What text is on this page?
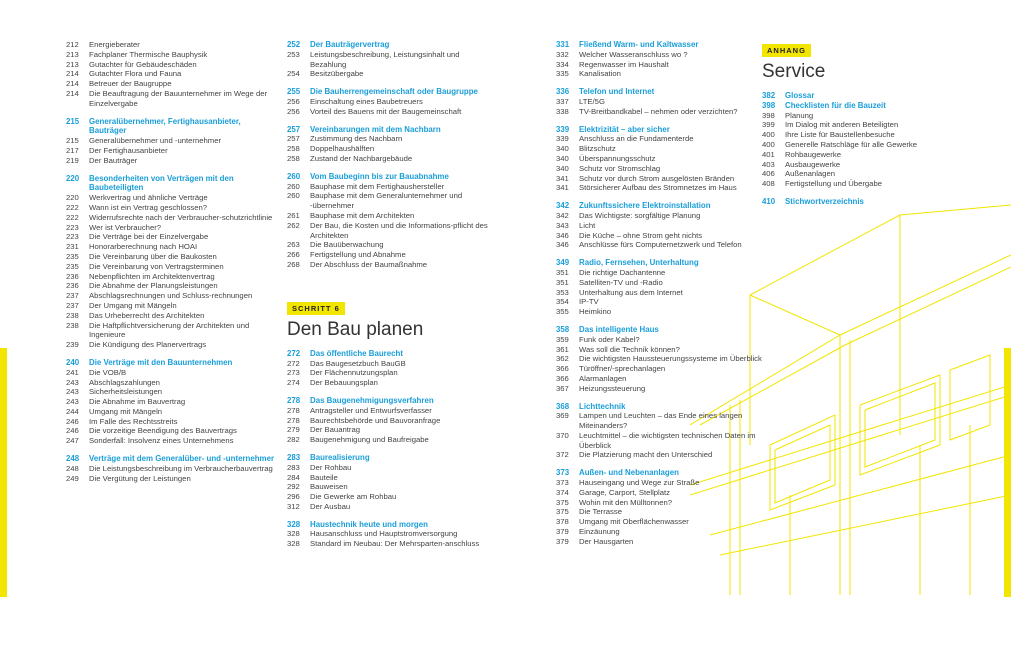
212	Energieberater
213	Fachplaner Thermische Bauphysik
213	Gutachter für Gebäudeschäden
214	Gutachter Flora und Fauna
214	Betreuer der Baugruppe
214	Die Beauftragung der Bauunternehmer im Wege der Einzelvergabe
215	Generalübernehmer, Fertighausanbieter, Bauträger
215	Generalübernehmer und -unternehmer
217	Der Fertighausanbieter
219	Der Bauträger
220	Besonderheiten von Verträgen mit den Baubeteiligten
220	Werkvertrag und ähnliche Verträge
222	Wann ist ein Vertrag geschlossen?
222	Widerrufsrechte nach der Verbraucher-schutzrichtlinie
223	Wer ist Verbraucher?
223	Die Verträge bei der Einzelvergabe
231	Honorarberechnung nach HOAI
235	Die Vereinbarung über die Baukosten
235	Die Vereinbarung von Vertragsterminen
236	Nebenpflichten im Architektenvertrag
236	Die Abnahme der Planungsleistungen
237	Abschlagsrechnungen und Schluss-rechnungen
237	Der Umgang mit Mängeln
238	Das Urheberrecht des Architekten
238	Die Haftpflichtversicherung der Architekten und Ingenieure
239	Die Kündigung des Planervertrags
240	Die Verträge mit den Bauunternehmen
241	Die VOB/B
243	Abschlagszahlungen
243	Sicherheitsleistungen
243	Die Abnahme im Bauvertrag
244	Umgang mit Mängeln
246	Im Falle des Rechtsstreits
246	Die vorzeitige Beendigung des Bauvertrags
247	Sonderfall: Insolvenz eines Unternehmens
248	Verträge mit dem Generalüber- und -unternehmer
248	Die Leistungsbeschreibung im Verbraucherbauvertrag
249	Die Vergütung der Leistungen
252	Der Bauträgervertrag
253	Leistungsbeschreibung, Leistungsinhalt und Bezahlung
254	Besitzübergabe
255	Die Bauherrengemeinschaft oder Baugruppe
256	Einschaltung eines Baubetreuers
256	Vorteil des Bauens mit der Baugemeinschaft
257	Vereinbarungen mit dem Nachbarn
257	Zustimmung des Nachbarn
258	Doppelhaushälften
258	Zustand der Nachbargebäude
260	Vom Baubeginn bis zur Bauabnahme
260	Bauphase mit dem Fertighaushersteller
260	Bauphase mit dem Generalunternehmer und -übernehmer
261	Bauphase mit dem Architekten
262	Der Bau, die Kosten und die Informations-pflicht des Architekten
263	Die Bauüberwachung
266	Fertigstellung und Abnahme
268	Der Abschluss der Baumaßnahme
SCHRITT 6
Den Bau planen
272	Das öffentliche Baurecht
272	Das Baugesetzbuch BauGB
273	Der Flächennutzungsplan
274	Der Bebauungsplan
278	Das Baugenehmigungsverfahren
278	Antragsteller und Entwurfsverfasser
278	Baurechtsbehörde und Bauvoranfrage
279	Der Bauantrag
282	Baugenehmigung und Baufreigabe
283	Baurealisierung
283	Der Rohbau
284	Bauteile
292	Bauweisen
296	Die Gewerke am Rohbau
312	Der Ausbau
328	Haustechnik heute und morgen
328	Hausanschluss und Hauptstromversorgung
328	Standard im Neubau: Der Mehrsparten-anschluss
331	Fließend Warm- und Kaltwasser
332	Welcher Wasseranschluss wo ?
334	Regenwasser im Haushalt
335	Kanalisation
336	Telefon und Internet
337	LTE/5G
338	TV-Breitbandkabel – nehmen oder verzichten?
339	Elektrizität – aber sicher
339	Anschluss an die Fundamenterde
340	Blitzschutz
340	Überspannungsschutz
340	Schutz vor Stromschlag
341	Schutz vor durch Strom ausgelösten Bränden
341	Störsicherer Aufbau des Stromnetzes im Haus
342	Zukunftssichere Elektroinstallation
342	Das Wichtigste: sorgfältige Planung
343	Licht
346	Die Küche – ohne Strom geht nichts
346	Anschlüsse fürs Computernetzwerk und Telefon
349	Radio, Fernsehen, Unterhaltung
351	Die richtige Dachantenne
351	Satelliten-TV und -Radio
353	Unterhaltung aus dem Internet
354	IP-TV
355	Heimkino
358	Das intelligente Haus
359	Funk oder Kabel?
361	Was soll die Technik können?
362	Die wichtigsten Haussteuerungssysteme im Überblick
366	Türöffner/-sprechanlagen
366	Alarmanlagen
367	Heizungssteuerung
368	Lichttechnik
369	Lampen und Leuchten – das Ende eines langen Miteinanders?
370	Leuchtmittel – die wichtigsten technischen Daten im Überblick
372	Die Platzierung macht den Unterschied
373	Außen- und Nebenanlagen
373	Hauseingang und Wege zur Straße
374	Garage, Carport, Stellplatz
375	Wohin mit den Mülltonnen?
375	Die Terrasse
378	Umgang mit Oberflächenwasser
379	Einzäunung
379	Der Hausgarten
ANHANG
Service
382	Glossar
398	Checklisten für die Bauzeit
398	Planung
399	Im Dialog mit anderen Beteiligten
400	Ihre Liste für Baustellenbesuche
400	Generelle Ratschläge für alle Gewerke
401	Rohbaugewerke
403	Ausbaugewerke
406	Außenanlagen
408	Fertigstellung und Übergabe
410	Stichwortverzeichnis
